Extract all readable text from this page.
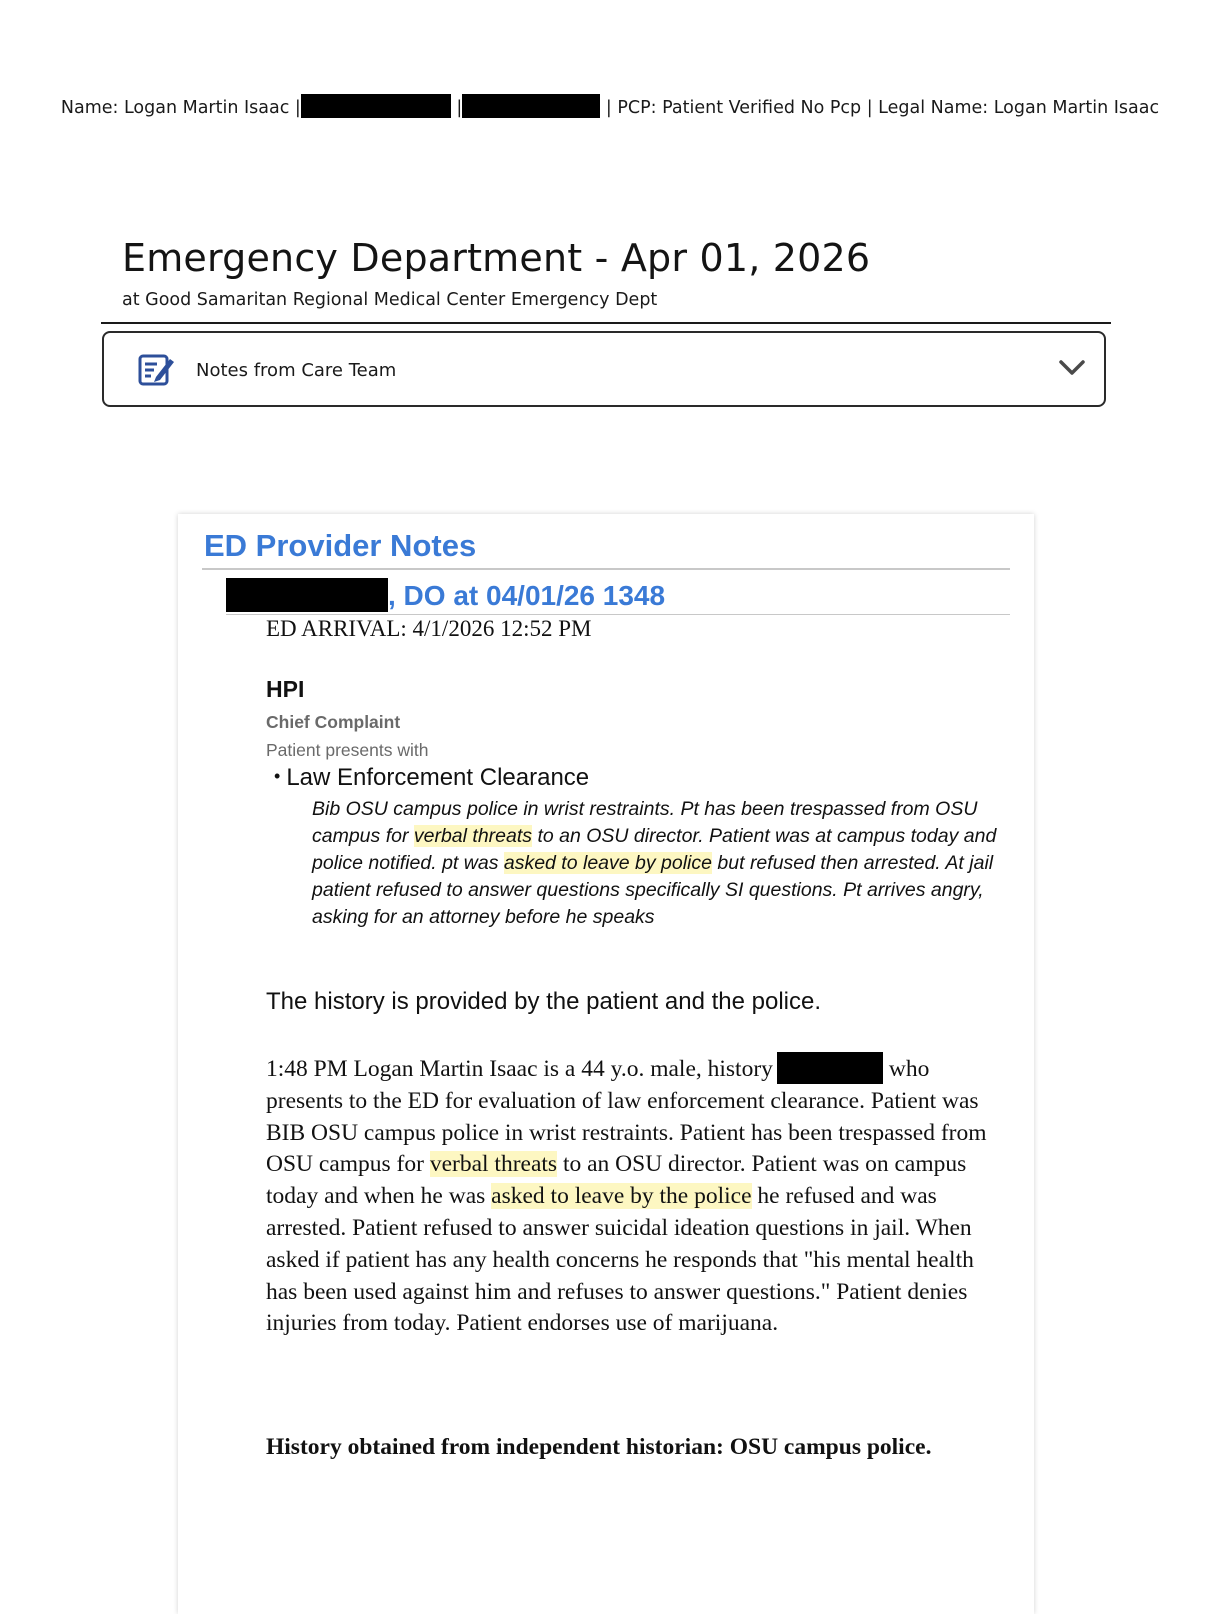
Name: Logan Martin Isaac |	|	| PCP: Patient Verified No Pcp | Legal Name: Logan Martin Isaac
Emergency Department - Apr 01, 2026
at Good Samaritan Regional Medical Center Emergency Dept
Notes from Care Team
ED Provider Notes
, DO at 04/01/26 1348
ED ARRIVAL: 4/1/2026 12:52 PM
HPI
Chief Complaint
Patient presents with
• Law Enforcement Clearance
Bib OSU campus police in wrist restraints. Pt has been trespassed from OSU campus for verbal threats to an OSU director. Patient was at campus today and police notified. pt was asked to leave by police but refused then arrested. At jail patient refused to answer questions specifically SI questions. Pt arrives angry, asking for an attorney before he speaks
The history is provided by the patient and the police.
1:48 PM Logan Martin Isaac is a 44 y.o. male, history	who presents to the ED for evaluation of law enforcement clearance. Patient was BIB OSU campus police in wrist restraints. Patient has been trespassed from OSU campus for verbal threats to an OSU director. Patient was on campus today and when he was asked to leave by the police he refused and was arrested. Patient refused to answer suicidal ideation questions in jail. When asked if patient has any health concerns he responds that "his mental health has been used against him and refuses to answer questions." Patient denies injuries from today. Patient endorses use of marijuana.
History obtained from independent historian: OSU campus police.
